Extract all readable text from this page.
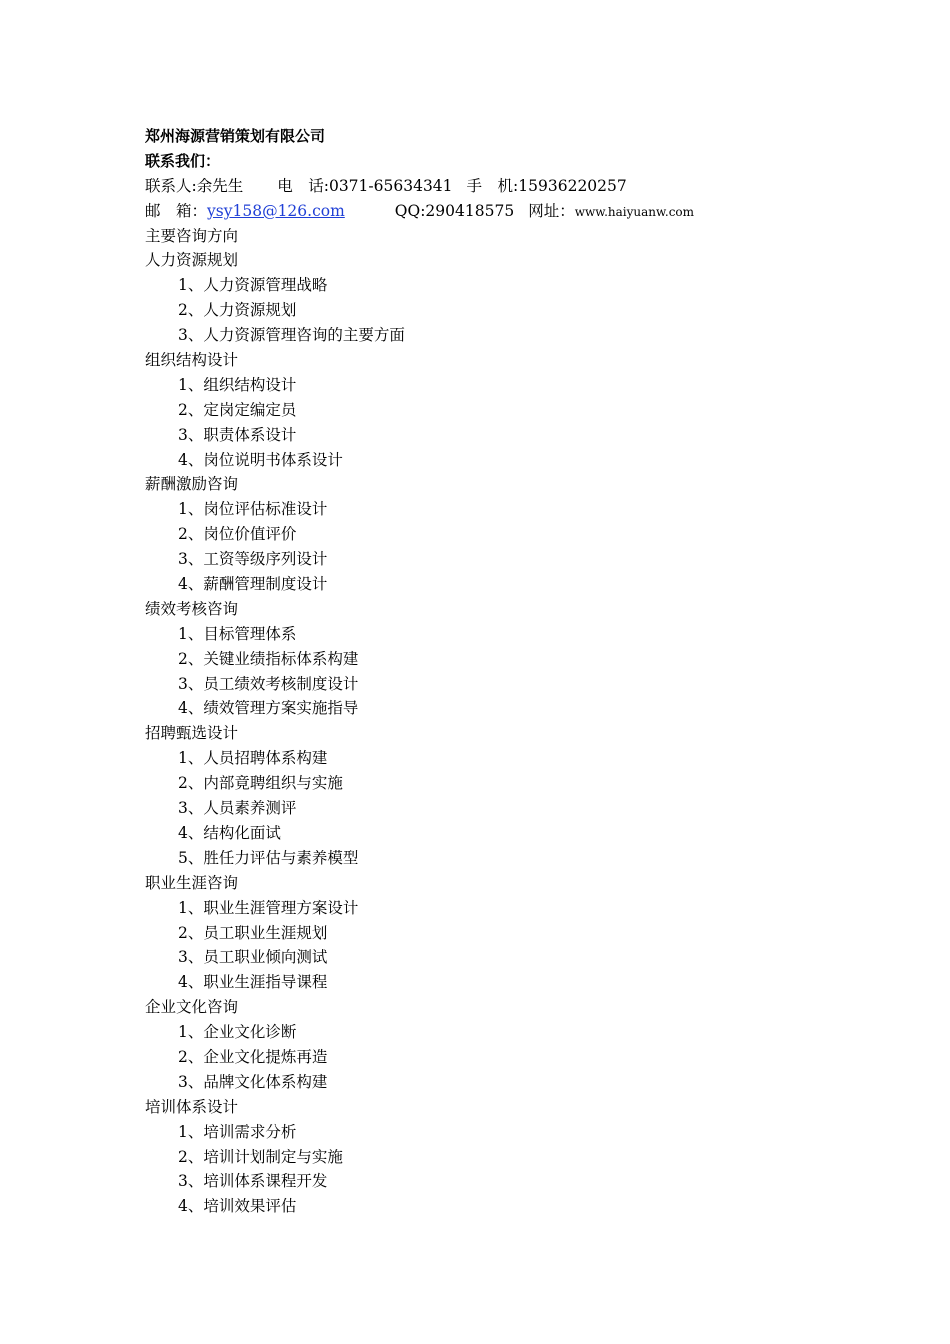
郑州海源营销策划有限公司
联系我们：
联系人:余先生 电　话:0371-65634341 手　机:15936220257
邮　箱：ysy158@126.com	QQ:290418575 网址：www.haiyuanw.com
主要咨询方向
人力资源规划
1、人力资源管理战略
2、人力资源规划
3、人力资源管理咨询的主要方面
组织结构设计
1、组织结构设计
2、定岗定编定员
3、职责体系设计
4、岗位说明书体系设计
薪酬激励咨询
1、岗位评估标准设计
2、岗位价值评价
3、工资等级序列设计
4、薪酬管理制度设计
绩效考核咨询
1、目标管理体系
2、关键业绩指标体系构建
3、员工绩效考核制度设计
4、绩效管理方案实施指导
招聘甄选设计
1、人员招聘体系构建
2、内部竟聘组织与实施
3、人员素养测评
4、结构化面试
5、胜任力评估与素养模型
职业生涯咨询
1、职业生涯管理方案设计
2、员工职业生涯规划
3、员工职业倾向测试
4、职业生涯指导课程
企业文化咨询
1、企业文化诊断
2、企业文化提炼再造
3、品牌文化体系构建
培训体系设计
1、培训需求分析
2、培训计划制定与实施
3、培训体系课程开发
4、培训效果评估
